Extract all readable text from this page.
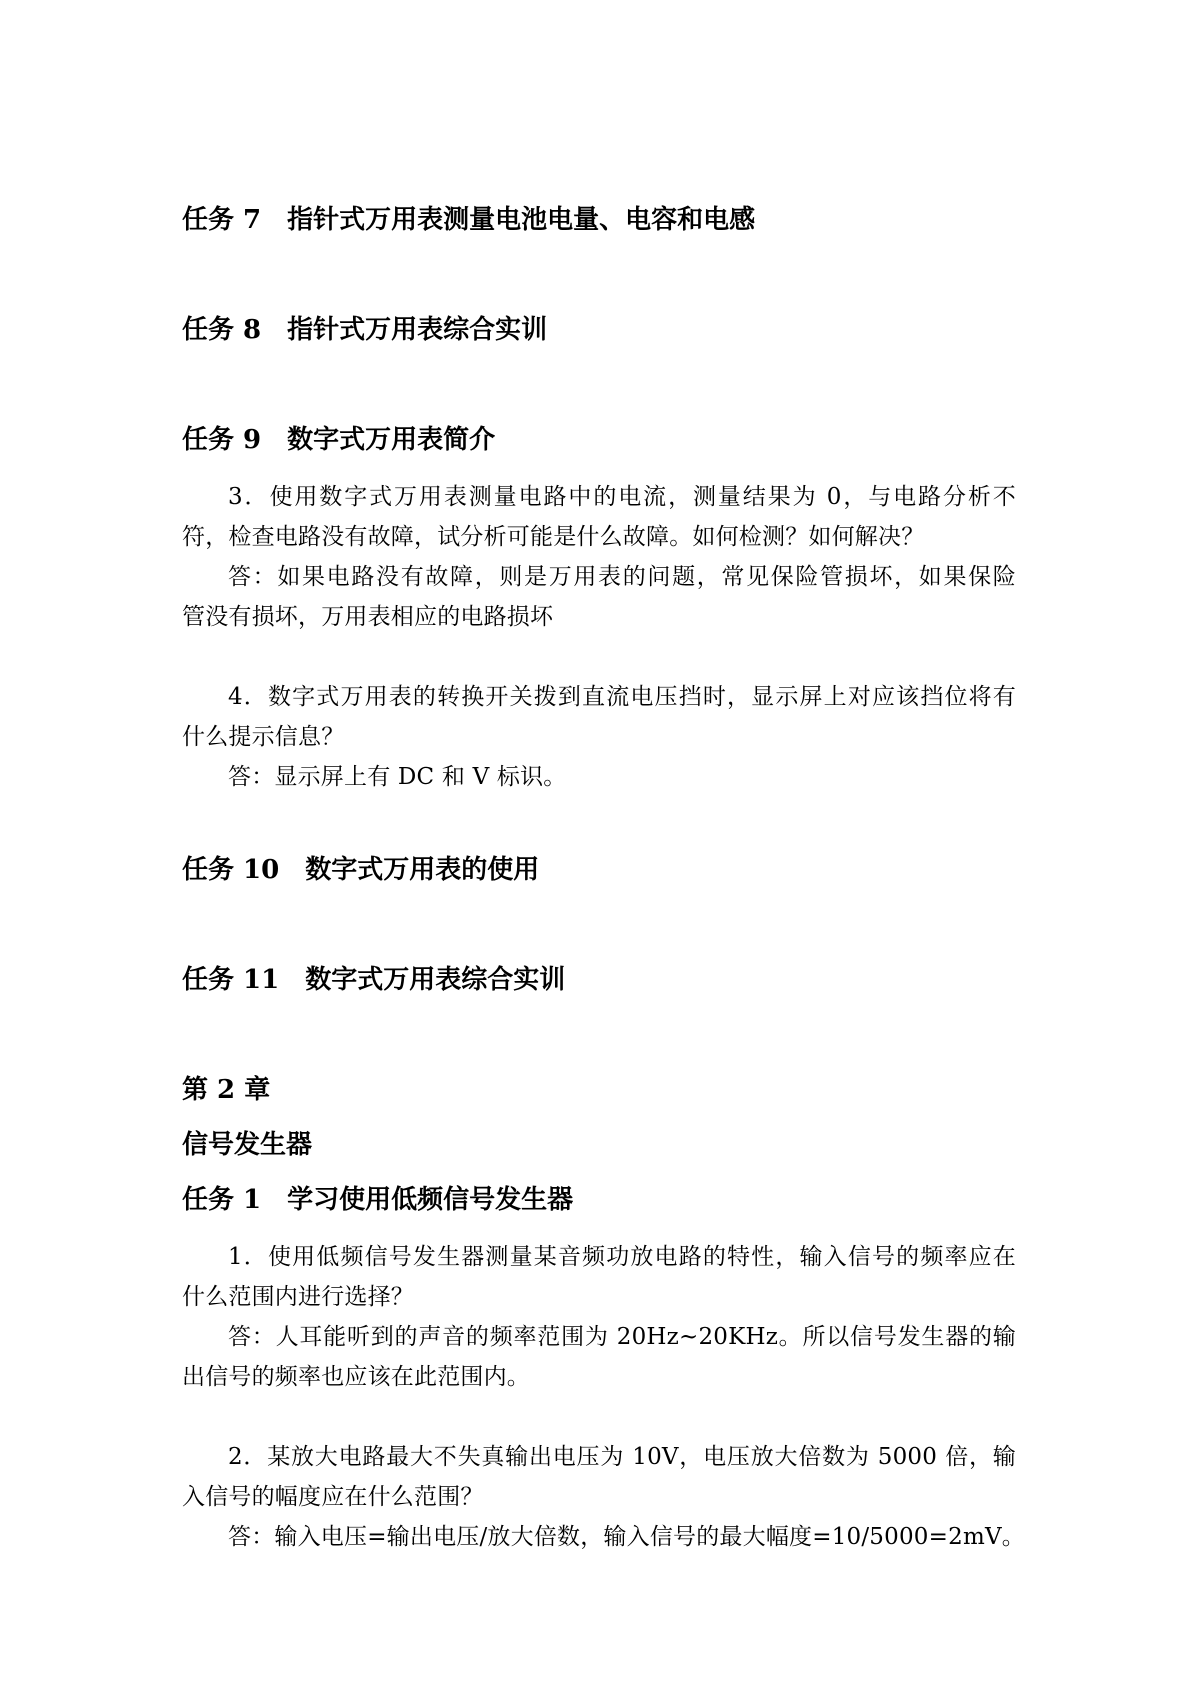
任务 7　指针式万用表测量电池电量、电容和电感
任务 8　指针式万用表综合实训
任务 9　数字式万用表简介
3．使用数字式万用表测量电路中的电流，测量结果为 0，与电路分析不
符，检查电路没有故障，试分析可能是什么故障。如何检测？如何解决？
答：如果电路没有故障，则是万用表的问题，常见保险管损坏，如果保险
管没有损坏，万用表相应的电路损坏
4．数字式万用表的转换开关拨到直流电压挡时，显示屏上对应该挡位将有
什么提示信息？
答：显示屏上有 DC 和 V 标识。
任务 10　数字式万用表的使用
任务 11　数字式万用表综合实训
第 2 章
信号发生器
任务 1　学习使用低频信号发生器
1．使用低频信号发生器测量某音频功放电路的特性，输入信号的频率应在
什么范围内进行选择？
答：人耳能听到的声音的频率范围为 20Hz~20KHz。所以信号发生器的输
出信号的频率也应该在此范围内。
2．某放大电路最大不失真输出电压为 10V，电压放大倍数为 5000 倍，输
入信号的幅度应在什么范围？
答：输入电压=输出电压/放大倍数，输入信号的最大幅度=10/5000=2mV。
